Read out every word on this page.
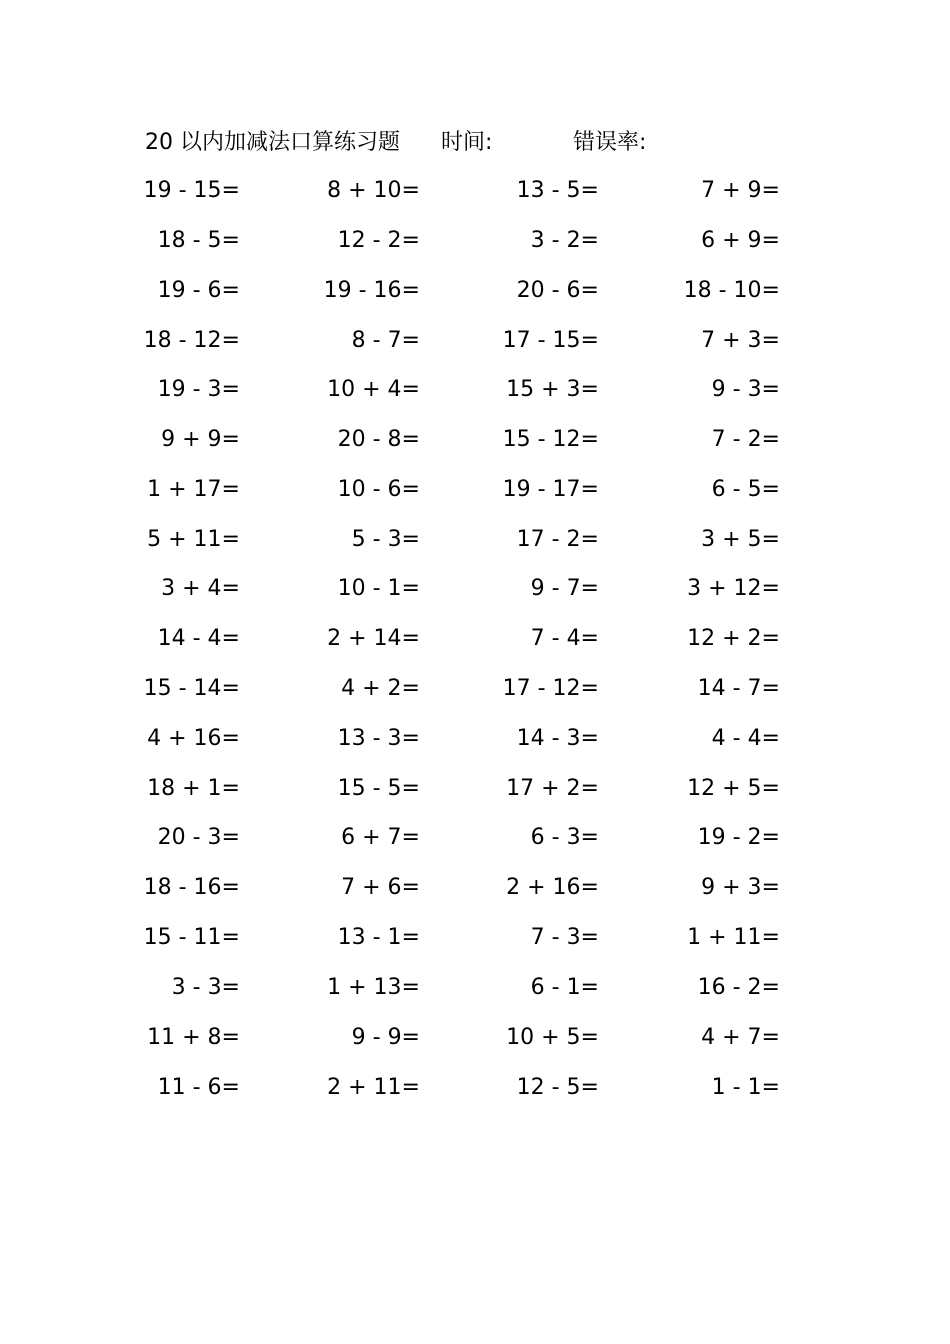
20 以内加减法口算练习题 时间:	错误率:
19 - 15=	8 + 10=	13 - 5=	7 + 9=
18 - 5=	12 - 2=	3 - 2=	6 + 9=
19 - 6=	19 - 16=	20 - 6=	18 - 10=
18 - 12=	8 - 7=	17 - 15=	7 + 3=
19 - 3=	10 + 4=	15 + 3=	9 - 3=
9 + 9=	20 - 8=	15 - 12=	7 - 2=
1 + 17=	10 - 6=	19 - 17=	6 - 5=
5 + 11=	5 - 3=	17 - 2=	3 + 5=
3 + 4=	10 - 1=	9 - 7=	3 + 12=
14 - 4=	2 + 14=	7 - 4=	12 + 2=
15 - 14=	4 + 2=	17 - 12=	14 - 7=
4 + 16=	13 - 3=	14 - 3=	4 - 4=
18 + 1=	15 - 5=	17 + 2=	12 + 5=
20 - 3=	6 + 7=	6 - 3=	19 - 2=
18 - 16=	7 + 6=	2 + 16=	9 + 3=
15 - 11=	13 - 1=	7 - 3=	1 + 11=
3 - 3=	1 + 13=	6 - 1=	16 - 2=
11 + 8=	9 - 9=	10 + 5=	4 + 7=
11 - 6=	2 + 11=	12 - 5=	1 - 1=
